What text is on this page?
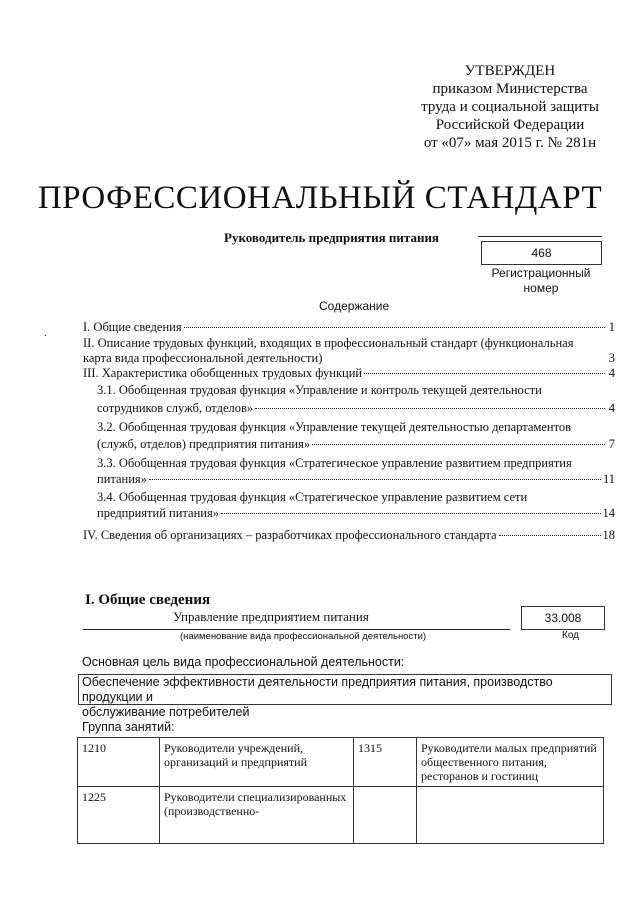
УТВЕРЖДЕН
приказом Министерства
труда и социальной защиты
Российской Федерации
от «07» мая 2015 г. № 281н
ПРОФЕССИОНАЛЬНЫЙ СТАНДАРТ
Руководитель предприятия питания
468
Регистрационный
номер
Содержание
.	I. Общие сведения	1
II. Описание трудовых функций, входящих в профессиональный стандарт (функциональная
карта вида профессиональной деятельности)	3
III. Характеристика обобщенных трудовых функций	4
3.1. Обобщенная трудовая функция «Управление и контроль текущей деятельности
сотрудников служб, отделов»	4
3.2. Обобщенная трудовая функция «Управление текущей деятельностью департаментов
(служб, отделов) предприятия питания»	7
3.3. Обобщенная трудовая функция «Стратегическое управление развитием предприятия
питания»	11
3.4. Обобщенная трудовая функция «Стратегическое управление развитием сети
предприятий питания»	14
IV. Сведения об организациях – разработчиках профессионального стандарта	18
I. Общие сведения
Управление предприятием питания
(наименование вида профессиональной деятельности)
33.008
Код
Основная цель вида профессиональной деятельности:
Обеспечение эффективности деятельности предприятия питания, производство продукции и
обслуживание потребителей
Группа занятий:
1210	Руководители учреждений, организаций и предприятий	1315	Руководители малых предприятий общественного питания, ресторанов и гостиниц
1225	Руководители специализированных (производственно-		
